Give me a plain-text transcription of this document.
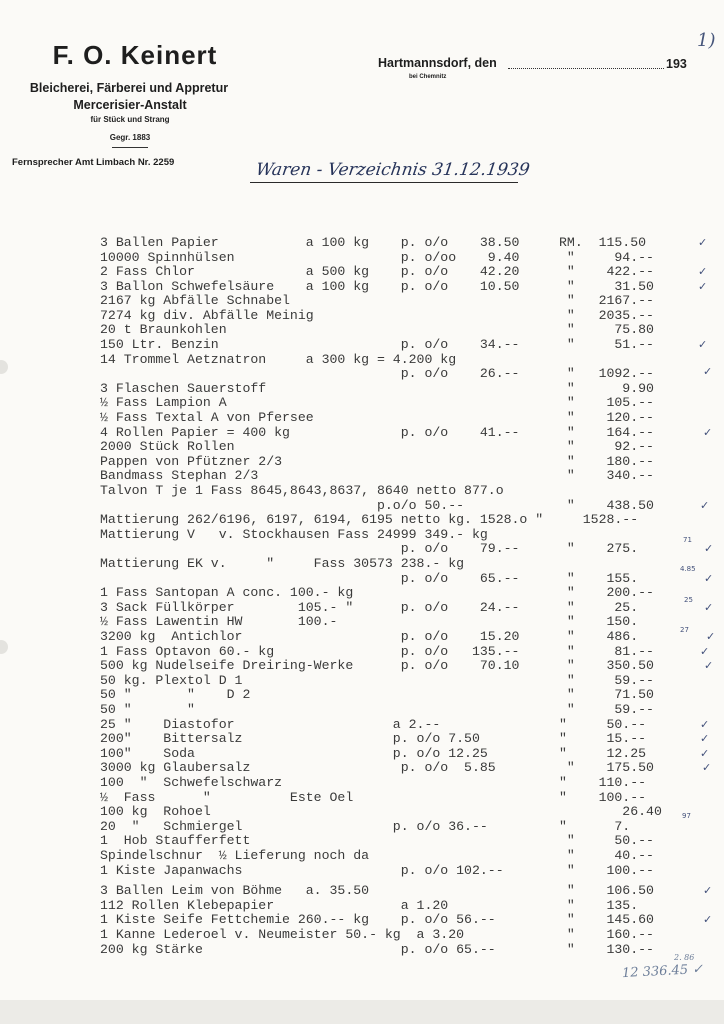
F. O. Keinert
Bleicherei, Färberei und Appretur
Mercerisier-Anstalt
für Stück und Strang
Gegr. 1883
Fernsprecher Amt Limbach Nr. 2259
Hartmannsdorf, den	193
bei Chemnitz
1)
Waren - Verzeichnis 31.12.1939
3 Ballen Papier           a 100 kg    p. o/o    38.50     RM.  115.50
10000 Spinnhülsen                     p. o/oo    9.40      "     94.--
2 Fass Chlor              a 500 kg    p. o/o    42.20      "    422.--
3 Ballon Schwefelsäure    a 100 kg    p. o/o    10.50      "     31.50
2167 kg Abfälle Schnabel                                   "   2167.--
7274 kg div. Abfälle Meinig                                "   2035.--
20 t Braunkohlen                                           "     75.80
150 Ltr. Benzin                       p. o/o    34.--      "     51.--
14 Trommel Aetznatron     a 300 kg = 4.200 kg
p. o/o    26.--      "   1092.--
3 Flaschen Sauerstoff                                      "      9.90
½ Fass Lampion A                                           "    105.--
½ Fass Textal A von Pfersee                                "    120.--
4 Rollen Papier = 400 kg              p. o/o    41.--      "    164.--
2000 Stück Rollen                                          "     92.--
Pappen von Pfützner 2/3                                    "    180.--
Bandmass Stephan 2/3                                       "    340.--
Talvon T je 1 Fass 8645,8643,8637, 8640 netto 877.o
p.o/o 50.--             "    438.50
Mattierung 262/6196, 6197, 6194, 6195 netto kg. 1528.o "     1528.--
Mattierung V   v. Stockhausen Fass 24999 349.- kg
p. o/o    79.--      "    275.
Mattierung EK v.     "     Fass 30573 238.- kg
p. o/o    65.--      "    155.
1 Fass Santopan A conc. 100.- kg                           "    200.--
3 Sack Füllkörper        105.- "      p. o/o    24.--      "     25.
½ Fass Lawentin HW       100.-                             "    150.
3200 kg  Antichlor                    p. o/o    15.20      "    486.
1 Fass Optavon 60.- kg                p. o/o   135.--      "     81.--
500 kg Nudelseife Dreiring-Werke      p. o/o    70.10      "    350.50
50 kg. Plextol D 1                                         "     59.--
50 "       "    D 2                                        "     71.50
50 "       "                                               "     59.--
25 "    Diastofor                    a 2.--               "     50.--
200"    Bittersalz                   p. o/o 7.50          "     15.--
100"    Soda                         p. o/o 12.25         "     12.25
3000 kg Glaubersalz                   p. o/o  5.85         "    175.50
100  "  Schwefelschwarz                                   "    110.--
½  Fass      "          Este Oel                          "    100.--
100 kg  Rohoel                                                    26.40
20  "   Schmiergel                   p. o/o 36.--         "      7.
1  Hob Staufferfett                                        "     50.--
Spindelschnur  ½ Lieferung noch da                         "     40.--
1 Kiste Japanwachs                    p. o/o 102.--        "    100.--
3 Ballen Leim von Böhme   a. 35.50                         "    106.50
112 Rollen Klebepapier                a 1.20               "    135.
1 Kiste Seife Fettchemie 260.-- kg    p. o/o 56.--         "    145.60
1 Kanne Lederoel v. Neumeister 50.- kg  a 3.20             "    160.--
200 kg Stärke                         p. o/o 65.--         "    130.--
✓
✓
✓
✓
✓
✓
✓
✓
✓
✓
✓
✓
✓
✓
✓
✓
✓
✓
✓
71
4.85
25
27
97
2. 86
12 336.45 ✓
